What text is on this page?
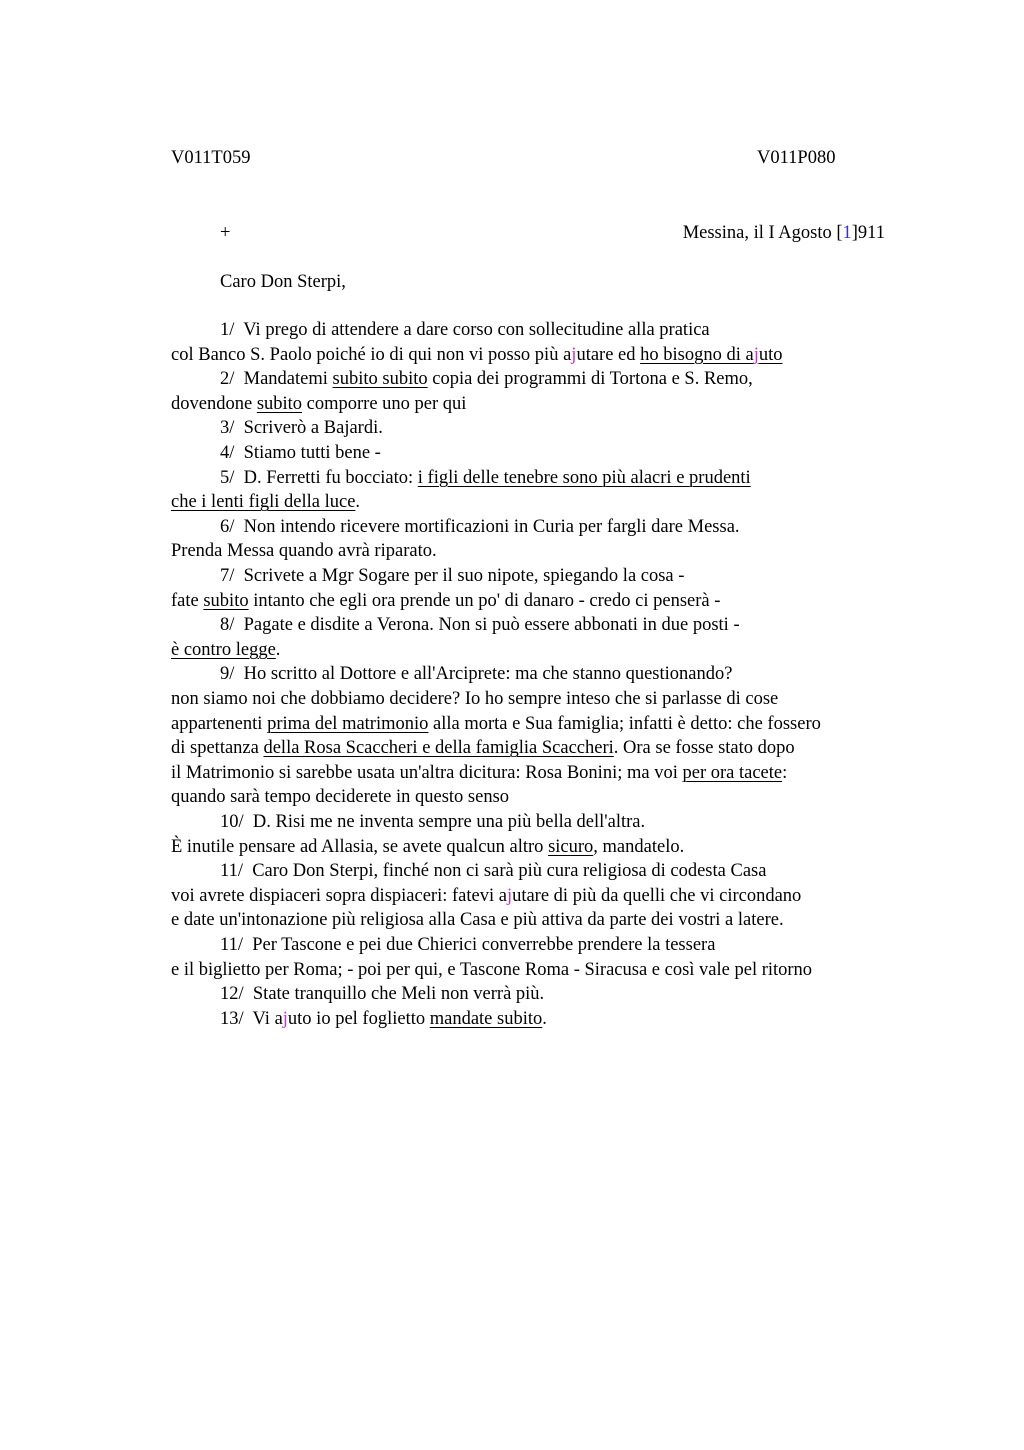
V011T059	V011P080
+	Messina, il I Agosto [1]911
Caro Don Sterpi,
1/  Vi prego di attendere a dare corso con sollecitudine alla pratica
col Banco S. Paolo poiché io di qui non vi posso più ajutare ed ho bisogno di ajuto
2/  Mandatemi subito subito copia dei programmi di Tortona e S. Remo,
dovendone subito comporre uno per qui
3/  Scriverò a Bajardi.
4/  Stiamo tutti bene -
5/  D. Ferretti fu bocciato: i figli delle tenebre sono più alacri e prudenti
che i lenti figli della luce.
6/  Non intendo ricevere mortificazioni in Curia per fargli dare Messa.
Prenda Messa quando avrà riparato.
7/  Scrivete a Mgr Sogare per il suo nipote, spiegando la cosa -
fate subito intanto che egli ora prende un po' di danaro - credo ci penserà -
8/  Pagate e disdite a Verona. Non si può essere abbonati in due posti -
è contro legge.
9/  Ho scritto al Dottore e all'Arciprete: ma che stanno questionando?
non siamo noi che dobbiamo decidere? Io ho sempre inteso che si parlasse di cose
appartenenti prima del matrimonio alla morta e Sua famiglia; infatti è detto: che fossero
di spettanza della Rosa Scaccheri e della famiglia Scaccheri. Ora se fosse stato dopo
il Matrimonio si sarebbe usata un'altra dicitura: Rosa Bonini; ma voi per ora tacete:
quando sarà tempo deciderete in questo senso
10/  D. Risi me ne inventa sempre una più bella dell'altra.
È inutile pensare ad Allasia, se avete qualcun altro sicuro, mandatelo.
11/  Caro Don Sterpi, finché non ci sarà più cura religiosa di codesta Casa
voi avrete dispiaceri sopra dispiaceri: fatevi ajutare di più da quelli che vi circondano
e date un'intonazione più religiosa alla Casa e più attiva da parte dei vostri a latere.
11/  Per Tascone e pei due Chierici converrebbe prendere la tessera
e il biglietto per Roma; - poi per qui, e Tascone Roma - Siracusa e così vale pel ritorno
12/  State tranquillo che Meli non verrà più.
13/  Vi ajuto io pel foglietto mandate subito.
